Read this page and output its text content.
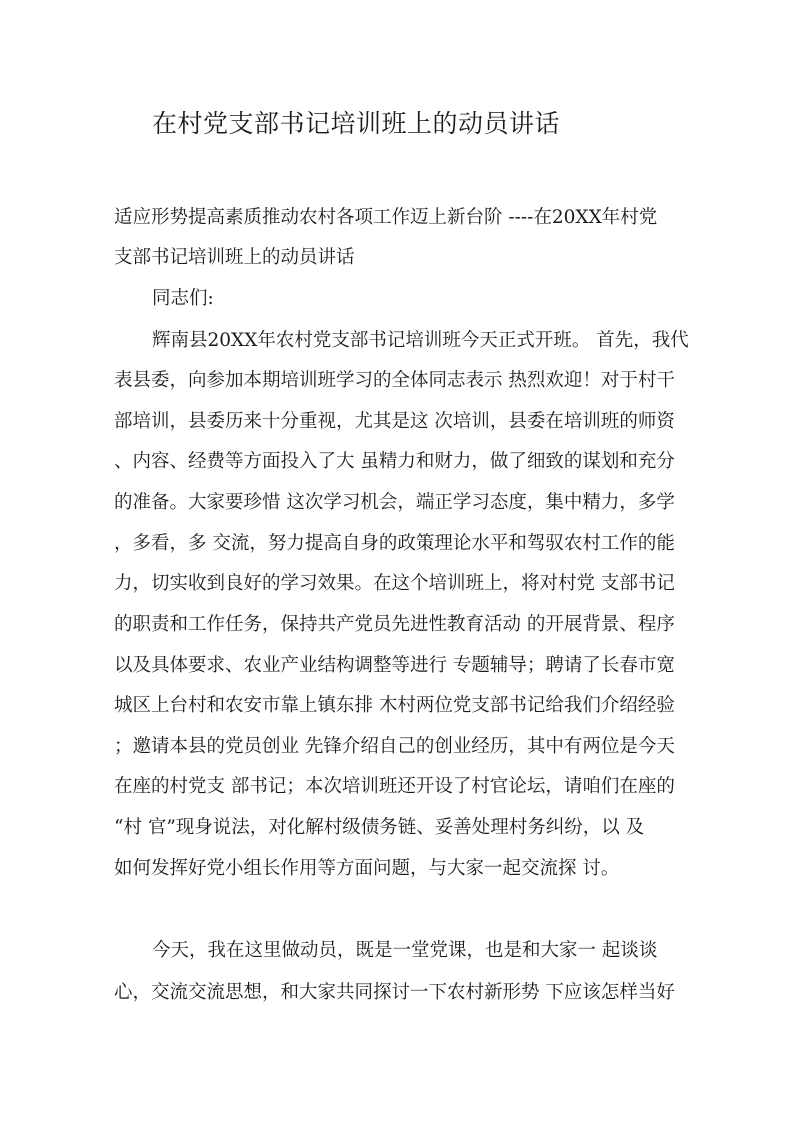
在村党支部书记培训班上的动员讲话
适应形势提高素质推动农村各项工作迈上新台阶 ----在20XX年村党
支部书记培训班上的动员讲话
同志们:
辉南县20XX年农村党支部书记培训班今天正式开班。 首先，我代
表县委，向参加本期培训班学习的全体同志表示 热烈欢迎！对于村干
部培训，县委历来十分重视，尤其是这 次培训，县委在培训班的师资
、内容、经费等方面投入了大 虽精力和财力，做了细致的谋划和充分
的准备。大家要珍惜 这次学习机会，端正学习态度，集中精力，多学
，多看，多 交流，努力提高自身的政策理论水平和驾驭农村工作的能
力，切实收到良好的学习效果。在这个培训班上，将对村党 支部书记
的职责和工作任务，保持共产党员先进性教育活动 的开展背景、程序
以及具体要求、农业产业结构调整等进行 专题辅导；聘请了长春市宽
城区上台村和农安市靠上镇东排 木村两位党支部书记给我们介绍经验
；邀请本县的党员创业 先锋介绍自己的创业经历，其中有两位是今天
在座的村党支 部书记；本次培训班还开设了村官论坛，请咱们在座的
“村 官”现身说法，对化解村级债务链、妥善处理村务纠纷，以 及
如何发挥好党小组长作用等方面问题，与大家一起交流探 讨。
今天，我在这里做动员，既是一堂党课，也是和大家一 起谈谈
心，交流交流思想，和大家共同探讨一下农村新形势 下应该怎样当好
